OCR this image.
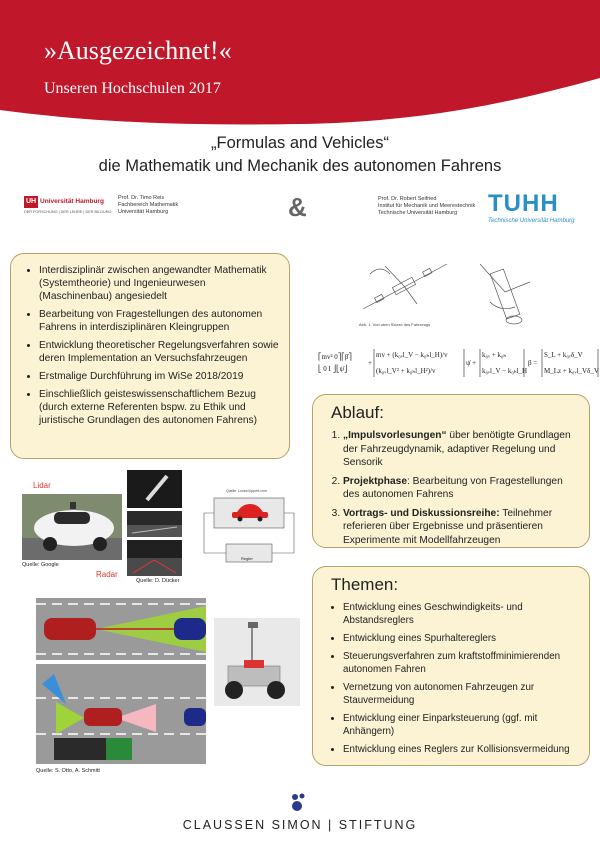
»Ausgezeichnet!«
Unseren Hochschulen 2017
„Formulas and Vehicles“
die Mathematik und Mechanik des autonomen Fahrens
UH Universität Hamburg
DER FORSCHUNG | DER LEHRE | DER BILDUNG
Prof. Dr. Timo Reis
Fachbereich Mathematik
Universität Hamburg	&	Prof. Dr. Robert Seifried
Institut für Mechanik und Meerestechnik
Technische Universität Hamburg	TUHH
Technische Universität Hamburg
• Interdisziplinär zwischen angewandter Mathematik (Systemtheorie) und Ingenieurwesen (Maschinenbau) angesiedelt
• Bearbeitung von Fragestellungen des autonomen Fahrens in interdisziplinären Kleingruppen
• Entwicklung theoretischer Regelungsverfahren sowie deren Implementation an Versuchsfahrzeugen
• Erstmalige Durchführung im WiSe 2018/2019
• Einschließlich geisteswissenschaftlichem Bezug (durch externe Referenten bspw. zu Ethik und juristische Grundlagen des autonomen Fahrens)
Abb. 1. Von oben Skizze des Fahrzeugs
⎡mv² 0⎤⎡β̇⎤
⎣ 0 I ⎦⎣ψ̈⎦
+
mv + (k₀ᵥl_V − k₀ₕl_H)/v
(k₀ᵥl_V² + k₀ₕl_H²)/v
ψ̇ +
k₀ᵥ + k₀ₕ
k₀ᵥl_V − k₀ₕl_H
β =
S_L + k₀ᵥδ_V
M_Lz + k₀ᵥl_Vδ_V
Ablauf:
1. „Impulsvorlesungen“ über benötigte Grundlagen der Fahrzeugdynamik, adaptiver Regelung und Sensorik
2. Projektphase: Bearbeitung von Fragestellungen des autonomen Fahrens
3. Vortrags- und Diskussionsreihe: Teilnehmer referieren über Ergebnisse und präsentieren Experimente mit Modellfahrzeugen
Themen:
• Entwicklung eines Geschwindigkeits- und Abstandsreglers
• Entwicklung eines Spurhaltereglers
• Steuerungsverfahren zum kraftstoffminimierenden autonomen Fahren
• Vernetzung von autonomen Fahrzeugen zur Stauvermeidung
• Entwicklung einer Einparksteuerung (ggf. mit Anhängern)
• Entwicklung eines Reglers zur Kollisionsvermeidung
Lidar
Quelle: Google
Radar
Quelle: D. Dücker
Quelle: Lunze/Lippert.com
Regler
Quelle: S. Otto, A. Schmitt
CLAUSSEN SIMON | STIFTUNG
